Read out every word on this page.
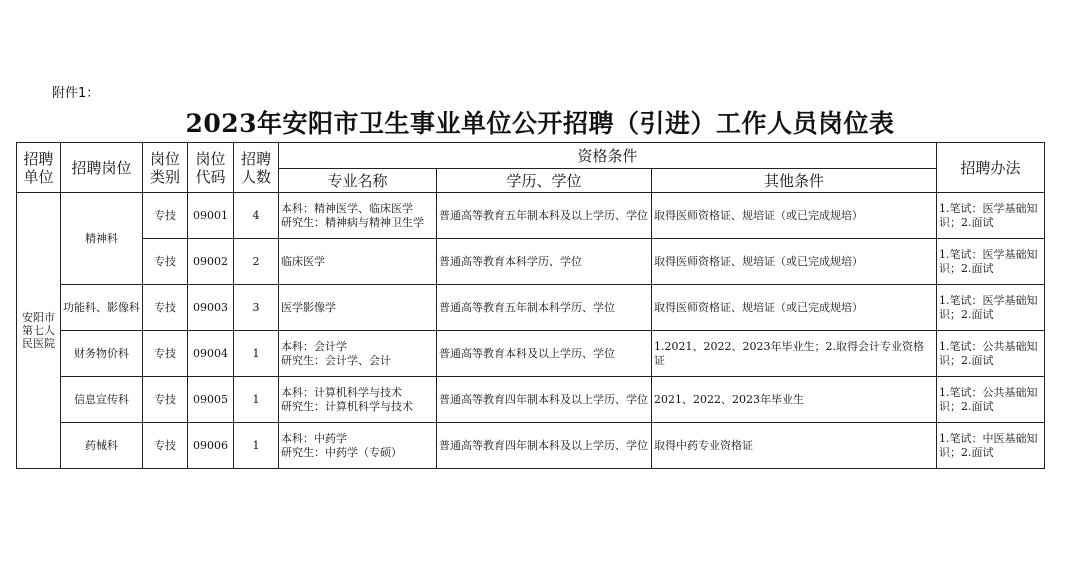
附件1：
2023年安阳市卫生事业单位公开招聘（引进）工作人员岗位表
招聘单位	招聘岗位	岗位类别	岗位代码	招聘人数	资格条件			招聘办法
					专业名称	学历、学位	其他条件	
安阳市第七人民医院	精神科	专技	09001	4	本科：精神医学、临床医学
研究生：精神病与精神卫生学	普通高等教育五年制本科及以上学历、学位	取得医师资格证、规培证（或已完成规培）	1.笔试：医学基础知识；2.面试
		专技	09002	2	临床医学	普通高等教育本科学历、学位	取得医师资格证、规培证（或已完成规培）	1.笔试：医学基础知识；2.面试
	功能科、影像科	专技	09003	3	医学影像学	普通高等教育五年制本科学历、学位	取得医师资格证、规培证（或已完成规培）	1.笔试：医学基础知识；2.面试
	财务物价科	专技	09004	1	本科：会计学
研究生：会计学、会计	普通高等教育本科及以上学历、学位	1.2021、2022、2023年毕业生；2.取得会计专业资格证	1.笔试：公共基础知识；2.面试
	信息宣传科	专技	09005	1	本科：计算机科学与技术
研究生：计算机科学与技术	普通高等教育四年制本科及以上学历、学位	2021、2022、2023年毕业生	1.笔试：公共基础知识；2.面试
	药械科	专技	09006	1	本科：中药学
研究生：中药学（专硕）	普通高等教育四年制本科及以上学历、学位	取得中药专业资格证	1.笔试：中医基础知识；2.面试
